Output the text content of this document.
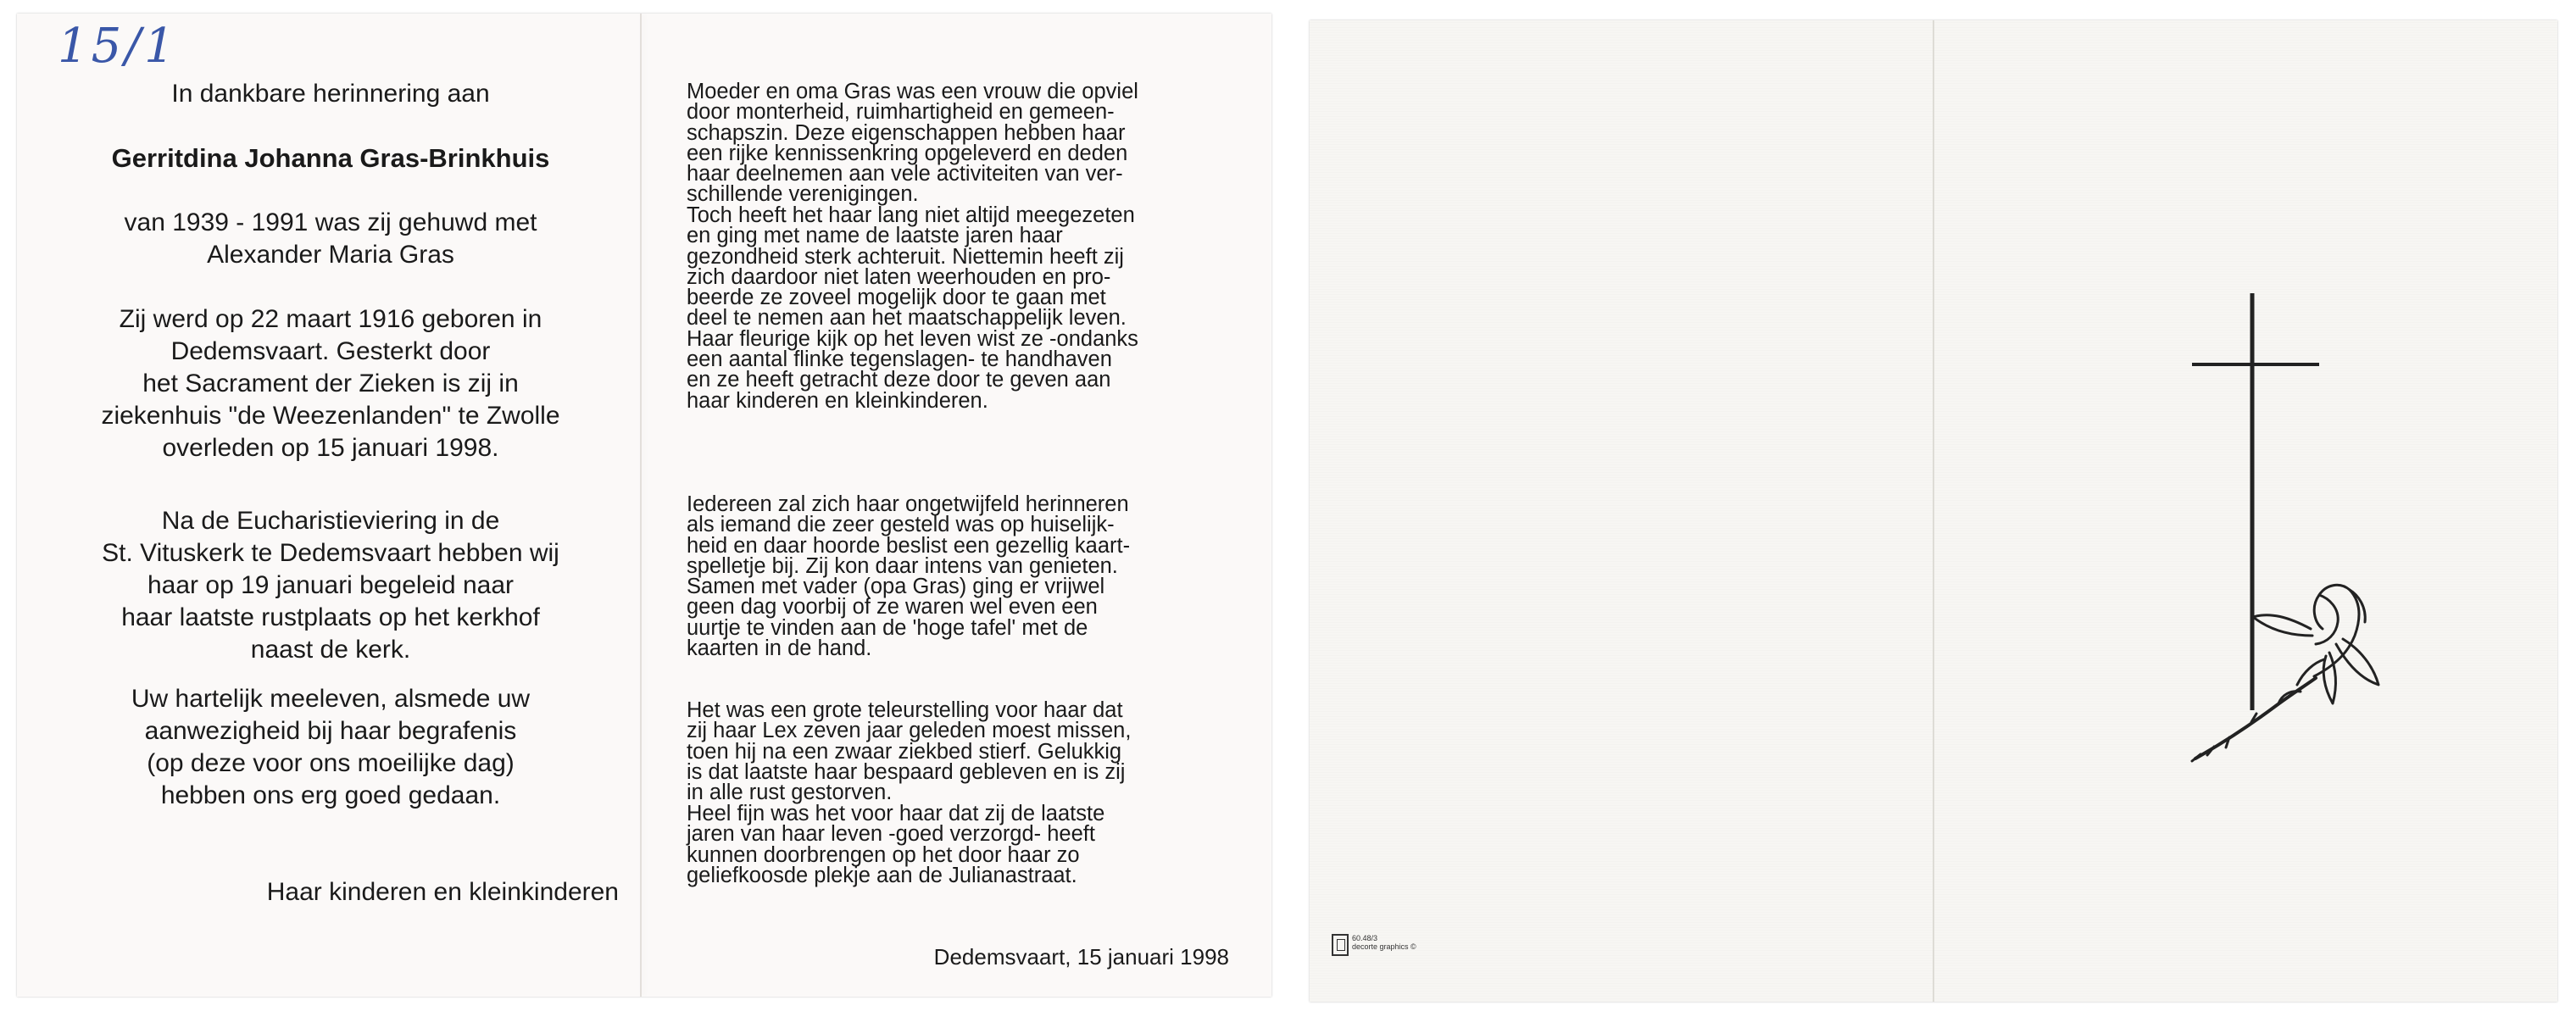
15/1

In dankbare herinnering aan

Gerritdina Johanna Gras-Brinkhuis

van 1939 - 1991 was zij gehuwd met
Alexander Maria Gras

Zij werd op 22 maart 1916 geboren in
Dedemsvaart. Gesterkt door
het Sacrament der Zieken is zij in
ziekenhuis "de Weezenlanden" te Zwolle
overleden op 15 januari 1998.

Na de Eucharistieviering in de
St. Vituskerk te Dedemsvaart hebben wij
haar op 19 januari begeleid naar
haar laatste rustplaats op het kerkhof
naast de kerk.

Uw hartelijk meeleven, alsmede uw
aanwezigheid bij haar begrafenis
(op deze voor ons moeilijke dag)
hebben ons erg goed gedaan.

Haar kinderen en kleinkinderen

Moeder en oma Gras was een vrouw die opviel
door monterheid, ruimhartigheid en gemeen-
schapszin. Deze eigenschappen hebben haar
een rijke kennissenkring opgeleverd en deden
haar deelnemen aan vele activiteiten van ver-
schillende verenigingen.

Toch heeft het haar lang niet altijd meegezeten
en ging met name de laatste jaren haar
gezondheid sterk achteruit. Niettemin heeft zij
zich daardoor niet laten weerhouden en pro-
beerde ze zoveel mogelijk door te gaan met
deel te nemen aan het maatschappelijk leven.
Haar fleurige kijk op het leven wist ze -ondanks
een aantal flinke tegenslagen- te handhaven
en ze heeft getracht deze door te geven aan
haar kinderen en kleinkinderen.

Iedereen zal zich haar ongetwijfeld herinneren
als iemand die zeer gesteld was op huiselijk-
heid en daar hoorde beslist een gezellig kaart-
spelletje bij. Zij kon daar intens van genieten.
Samen met vader (opa Gras) ging er vrijwel
geen dag voorbij of ze waren wel even een
uurtje te vinden aan de 'hoge tafel' met de
kaarten in de hand.

Het was een grote teleurstelling voor haar dat
zij haar Lex zeven jaar geleden moest missen,
toen hij na een zwaar ziekbed stierf. Gelukkig
is dat laatste haar bespaard gebleven en is zij
in alle rust gestorven.

Heel fijn was het voor haar dat zij de laatste
jaren van haar leven -goed verzorgd- heeft
kunnen doorbrengen op het door haar zo
geliefkoosde plekje aan de Julianastraat.

Dedemsvaart, 15 januari 1998

60.48/3
decorte graphics ©
